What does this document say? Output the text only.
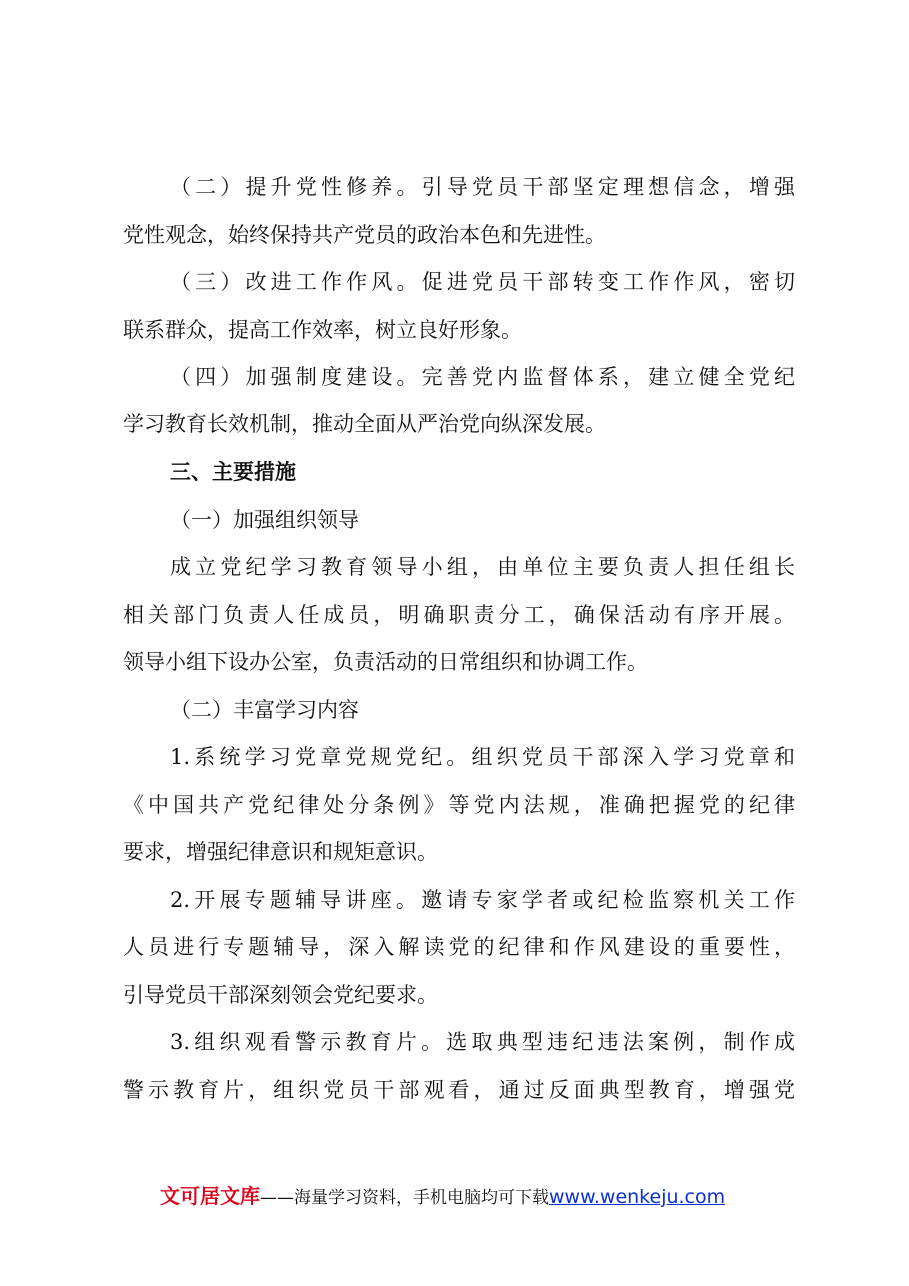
（二）提升党性修养。引导党员干部坚定理想信念，增强
党性观念，始终保持共产党员的政治本色和先进性。
（三）改进工作作风。促进党员干部转变工作作风，密切
联系群众，提高工作效率，树立良好形象。
（四）加强制度建设。完善党内监督体系，建立健全党纪
学习教育长效机制，推动全面从严治党向纵深发展。
三、主要措施
（一）加强组织领导
成立党纪学习教育领导小组，由单位主要负责人担任组长
相关部门负责人任成员，明确职责分工，确保活动有序开展。
领导小组下设办公室，负责活动的日常组织和协调工作。
（二）丰富学习内容
1.系统学习党章党规党纪。组织党员干部深入学习党章和
《中国共产党纪律处分条例》等党内法规，准确把握党的纪律
要求，增强纪律意识和规矩意识。
2.开展专题辅导讲座。邀请专家学者或纪检监察机关工作
人员进行专题辅导，深入解读党的纪律和作风建设的重要性，
引导党员干部深刻领会党纪要求。
3.组织观看警示教育片。选取典型违纪违法案例，制作成
警示教育片，组织党员干部观看，通过反面典型教育，增强党
文可居文库——海量学习资料，手机电脑均可下载www.wenkeju.com
